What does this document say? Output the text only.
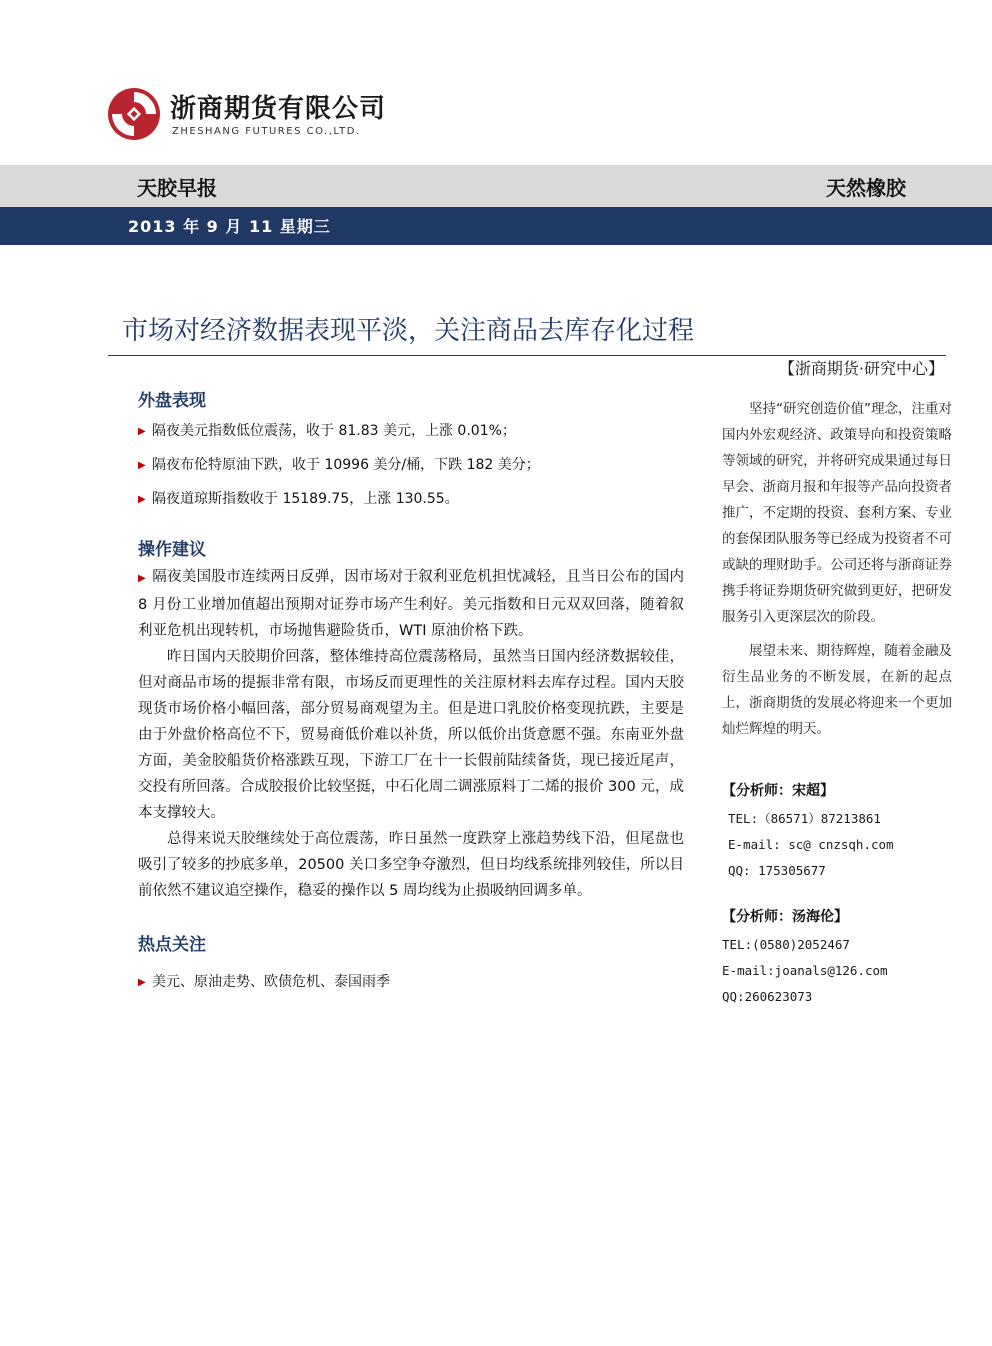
浙商期货有限公司
ZHESHANG FUTURES CO.,LTD.
天胶早报	天然橡胶
2013 年 9 月 11 星期三
市场对经济数据表现平淡，关注商品去库存化过程
【浙商期货·研究中心】
外盘表现
▶ 隔夜美元指数低位震荡，收于 81.83 美元，上涨 0.01%；
▶ 隔夜布伦特原油下跌，收于 10996 美分/桶，下跌 182 美分；
▶ 隔夜道琼斯指数收于 15189.75，上涨 130.55。
操作建议

▶ 隔夜美国股市连续两日反弹，因市场对于叙利亚危机担忧减轻，且当日公布的国内 8 月份工业增加值超出预期对证券市场产生利好。美元指数和日元双双回落，随着叙利亚危机出现转机，市场抛售避险货币，WTI 原油价格下跌。

昨日国内天胶期价回落，整体维持高位震荡格局，虽然当日国内经济数据较佳，但对商品市场的提振非常有限，市场反而更理性的关注原材料去库存过程。国内天胶现货市场价格小幅回落，部分贸易商观望为主。但是进口乳胶价格变现抗跌，主要是由于外盘价格高位不下，贸易商低价难以补货，所以低价出货意愿不强。东南亚外盘方面，美金胶船货价格涨跌互现，下游工厂在十一长假前陆续备货，现已接近尾声，交投有所回落。合成胶报价比较坚挺，中石化周二调涨原料丁二烯的报价 300 元，成本支撑较大。

总得来说天胶继续处于高位震荡，昨日虽然一度跌穿上涨趋势线下沿，但尾盘也吸引了较多的抄底多单，20500 关口多空争夺激烈，但日均线系统排列较佳，所以目前依然不建议追空操作，稳妥的操作以 5 周均线为止损吸纳回调多单。

热点关注
▶ 美元、原油走势、欧债危机、泰国雨季

坚持“研究创造价值”理念，注重对国内外宏观经济、政策导向和投资策略等领域的研究，并将研究成果通过每日早会、浙商月报和年报等产品向投资者推广，不定期的投资、套利方案、专业的套保团队服务等已经成为投资者不可或缺的理财助手。公司还将与浙商证券携手将证券期货研究做到更好，把研发服务引入更深层次的阶段。

展望未来、期待辉煌，随着金融及衍生品业务的不断发展，在新的起点上，浙商期货的发展必将迎来一个更加灿烂辉煌的明天。

【分析师：宋超】
TEL:（86571）87213861
E-mail: sc@ cnzsqh.com
QQ: 175305677
【分析师：汤海伦】
TEL:(0580)2052467
E-mail:joanals@126.com
QQ:260623073
